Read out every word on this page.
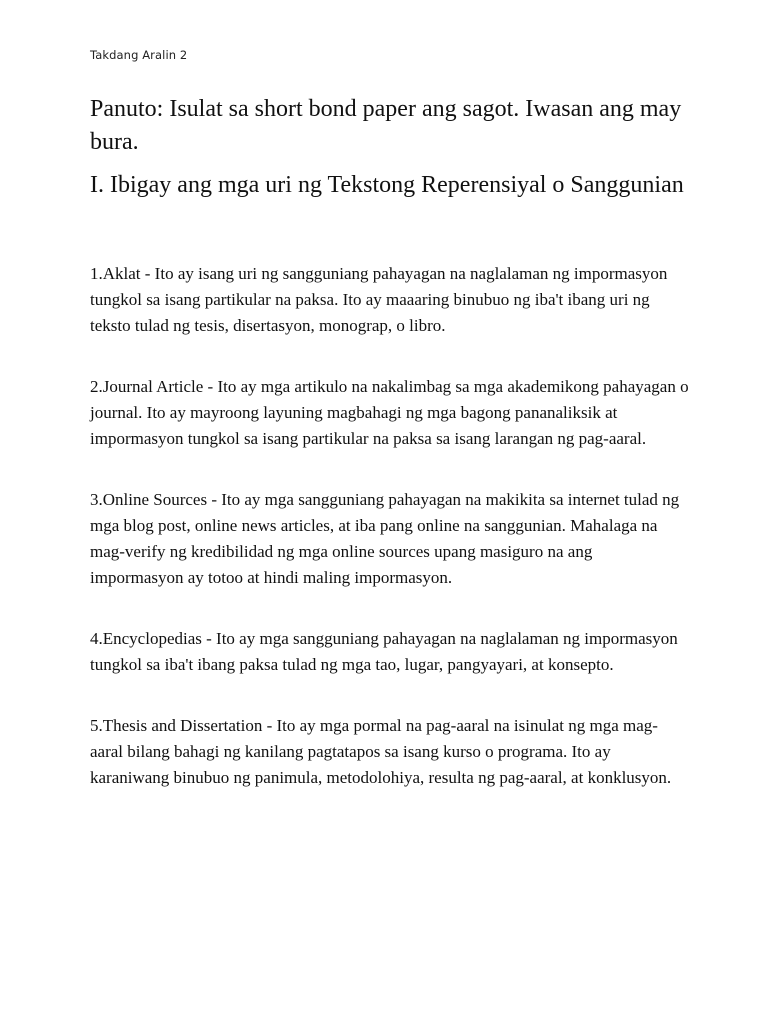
Takdang Aralin 2
Panuto: Isulat sa short bond paper ang sagot. Iwasan ang may bura.
I. Ibigay ang mga uri ng Tekstong Reperensiyal o Sanggunian

1.Aklat - Ito ay isang uri ng sangguniang pahayagan na naglalaman ng impormasyon tungkol sa isang partikular na paksa. Ito ay maaaring binubuo ng iba't ibang uri ng teksto tulad ng tesis, disertasyon, monograp, o libro.

2.Journal Article - Ito ay mga artikulo na nakalimbag sa mga akademikong pahayagan o journal. Ito ay mayroong layuning magbahagi ng mga bagong pananaliksik at impormasyon tungkol sa isang partikular na paksa sa isang larangan ng pag-aaral.

3.Online Sources - Ito ay mga sangguniang pahayagan na makikita sa internet tulad ng mga blog post, online news articles, at iba pang online na sanggunian. Mahalaga na mag-verify ng kredibilidad ng mga online sources upang masiguro na ang impormasyon ay totoo at hindi maling impormasyon.

4.Encyclopedias - Ito ay mga sangguniang pahayagan na naglalaman ng impormasyon tungkol sa iba't ibang paksa tulad ng mga tao, lugar, pangyayari, at konsepto.

5.Thesis and Dissertation - Ito ay mga pormal na pag-aaral na isinulat ng mga mag-aaral bilang bahagi ng kanilang pagtatapos sa isang kurso o programa. Ito ay karaniwang binubuo ng panimula, metodolohiya, resulta ng pag-aaral, at konklusyon.
